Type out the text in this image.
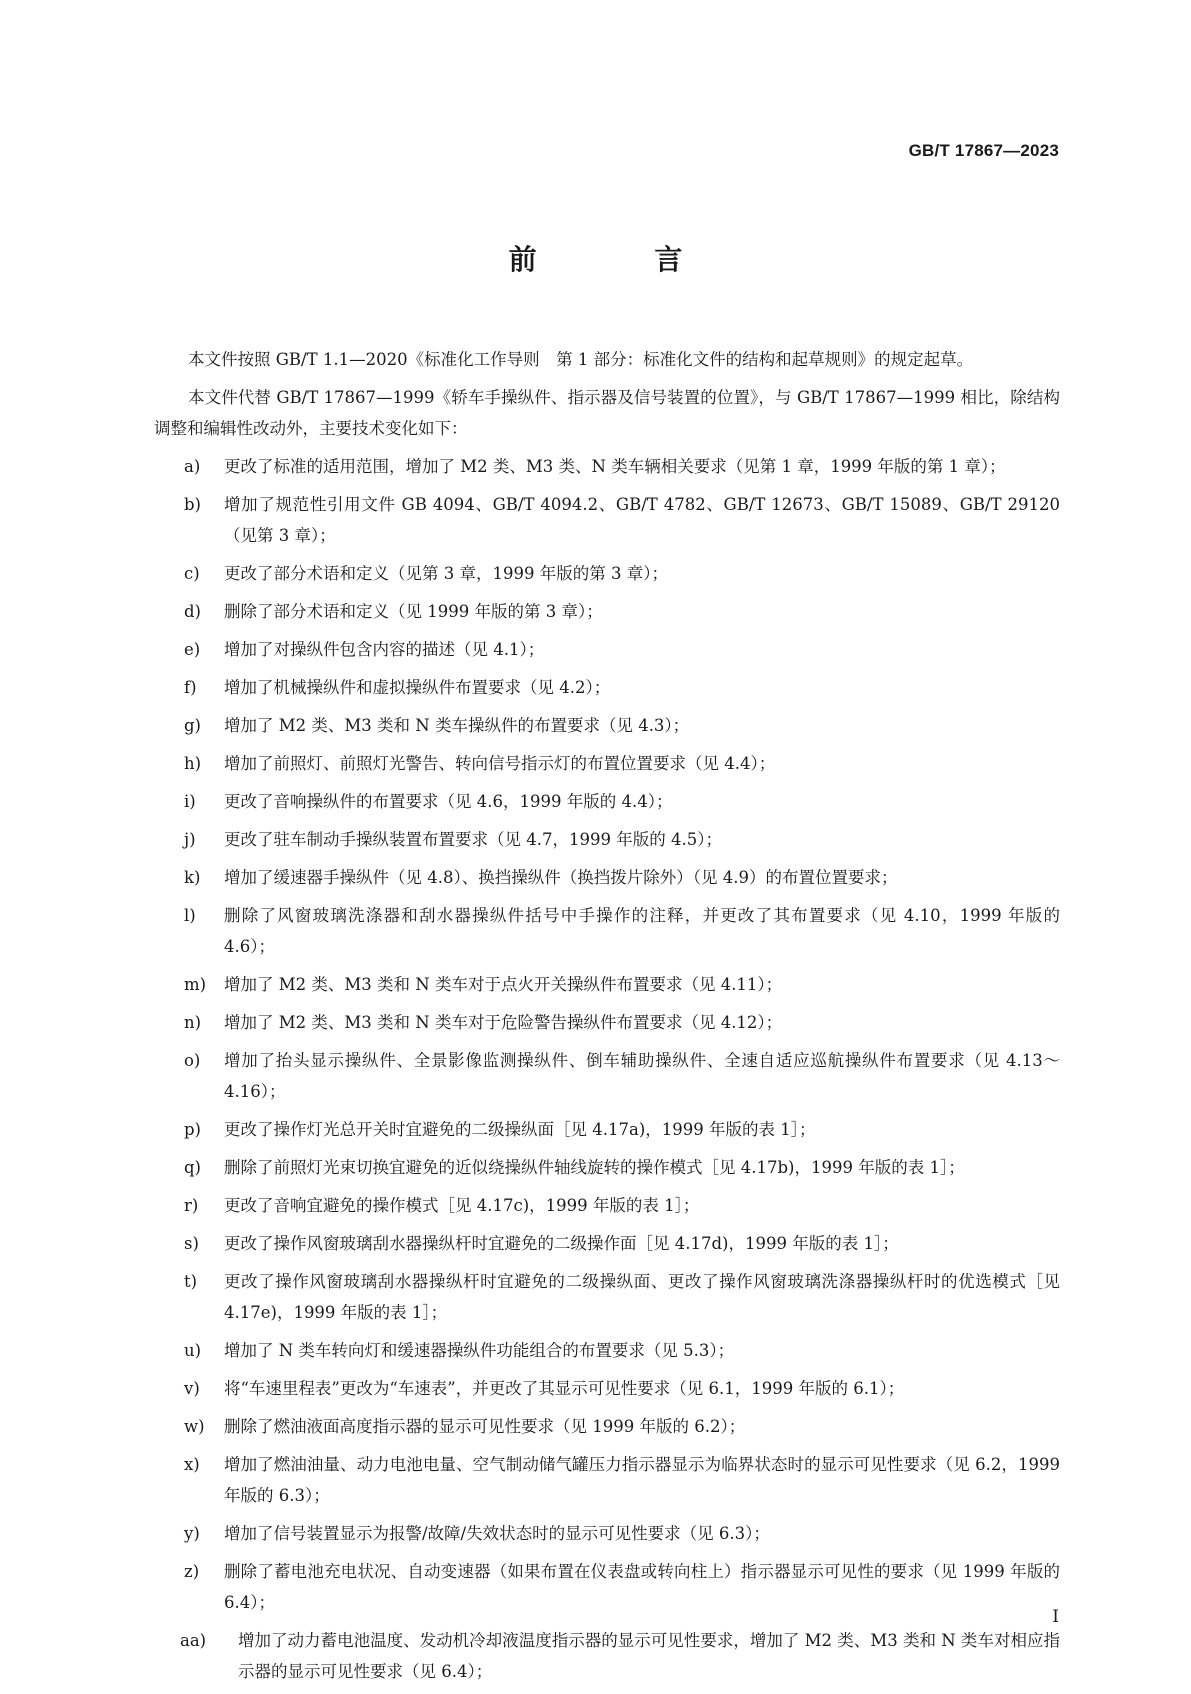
GB/T 17867—2023
前 言

本文件按照 GB/T 1.1—2020《标准化工作导则　第 1 部分：标准化文件的结构和起草规则》的规定起草。

本文件代替 GB/T 17867—1999《轿车手操纵件、指示器及信号装置的位置》，与 GB/T 17867—1999 相比，除结构调整和编辑性改动外，主要技术变化如下：

a) 更改了标准的适用范围，增加了 M2 类、M3 类、N 类车辆相关要求（见第 1 章，1999 年版的第 1 章）；
b) 增加了规范性引用文件 GB 4094、GB/T 4094.2、GB/T 4782、GB/T 12673、GB/T 15089、GB/T 29120（见第 3 章）；
c) 更改了部分术语和定义（见第 3 章，1999 年版的第 3 章）；
d) 删除了部分术语和定义（见 1999 年版的第 3 章）；
e) 增加了对操纵件包含内容的描述（见 4.1）；
f) 增加了机械操纵件和虚拟操纵件布置要求（见 4.2）；
g) 增加了 M2 类、M3 类和 N 类车操纵件的布置要求（见 4.3）；
h) 增加了前照灯、前照灯光警告、转向信号指示灯的布置位置要求（见 4.4）；
i) 更改了音响操纵件的布置要求（见 4.6，1999 年版的 4.4）；
j) 更改了驻车制动手操纵装置布置要求（见 4.7，1999 年版的 4.5）；
k) 增加了缓速器手操纵件（见 4.8）、换挡操纵件（换挡拨片除外）（见 4.9）的布置位置要求；
l) 删除了风窗玻璃洗涤器和刮水器操纵件括号中手操作的注释，并更改了其布置要求（见 4.10，1999 年版的 4.6）；
m) 增加了 M2 类、M3 类和 N 类车对于点火开关操纵件布置要求（见 4.11）；
n) 增加了 M2 类、M3 类和 N 类车对于危险警告操纵件布置要求（见 4.12）；
o) 增加了抬头显示操纵件、全景影像监测操纵件、倒车辅助操纵件、全速自适应巡航操纵件布置要求（见 4.13～4.16）；
p) 更改了操作灯光总开关时宜避免的二级操纵面［见 4.17a)，1999 年版的表 1］；
q) 删除了前照灯光束切换宜避免的近似绕操纵件轴线旋转的操作模式［见 4.17b)，1999 年版的表 1］；
r) 更改了音响宜避免的操作模式［见 4.17c)，1999 年版的表 1］；
s) 更改了操作风窗玻璃刮水器操纵杆时宜避免的二级操作面［见 4.17d)，1999 年版的表 1］；
t) 更改了操作风窗玻璃刮水器操纵杆时宜避免的二级操纵面、更改了操作风窗玻璃洗涤器操纵杆时的优选模式［见 4.17e)，1999 年版的表 1］；
u) 增加了 N 类车转向灯和缓速器操纵件功能组合的布置要求（见 5.3）；
v) 将“车速里程表”更改为“车速表”，并更改了其显示可见性要求（见 6.1，1999 年版的 6.1）；
w) 删除了燃油液面高度指示器的显示可见性要求（见 1999 年版的 6.2）；
x) 增加了燃油油量、动力电池电量、空气制动储气罐压力指示器显示为临界状态时的显示可见性要求（见 6.2，1999 年版的 6.3）；
y) 增加了信号装置显示为报警/故障/失效状态时的显示可见性要求（见 6.3）；
z) 删除了蓄电池充电状况、自动变速器（如果布置在仪表盘或转向柱上）指示器显示可见性的要求（见 1999 年版的 6.4）；
aa) 增加了动力蓄电池温度、发动机冷却液温度指示器的显示可见性要求，增加了 M2 类、M3 类和 N 类车对相应指示器的显示可见性要求（见 6.4）；
I
